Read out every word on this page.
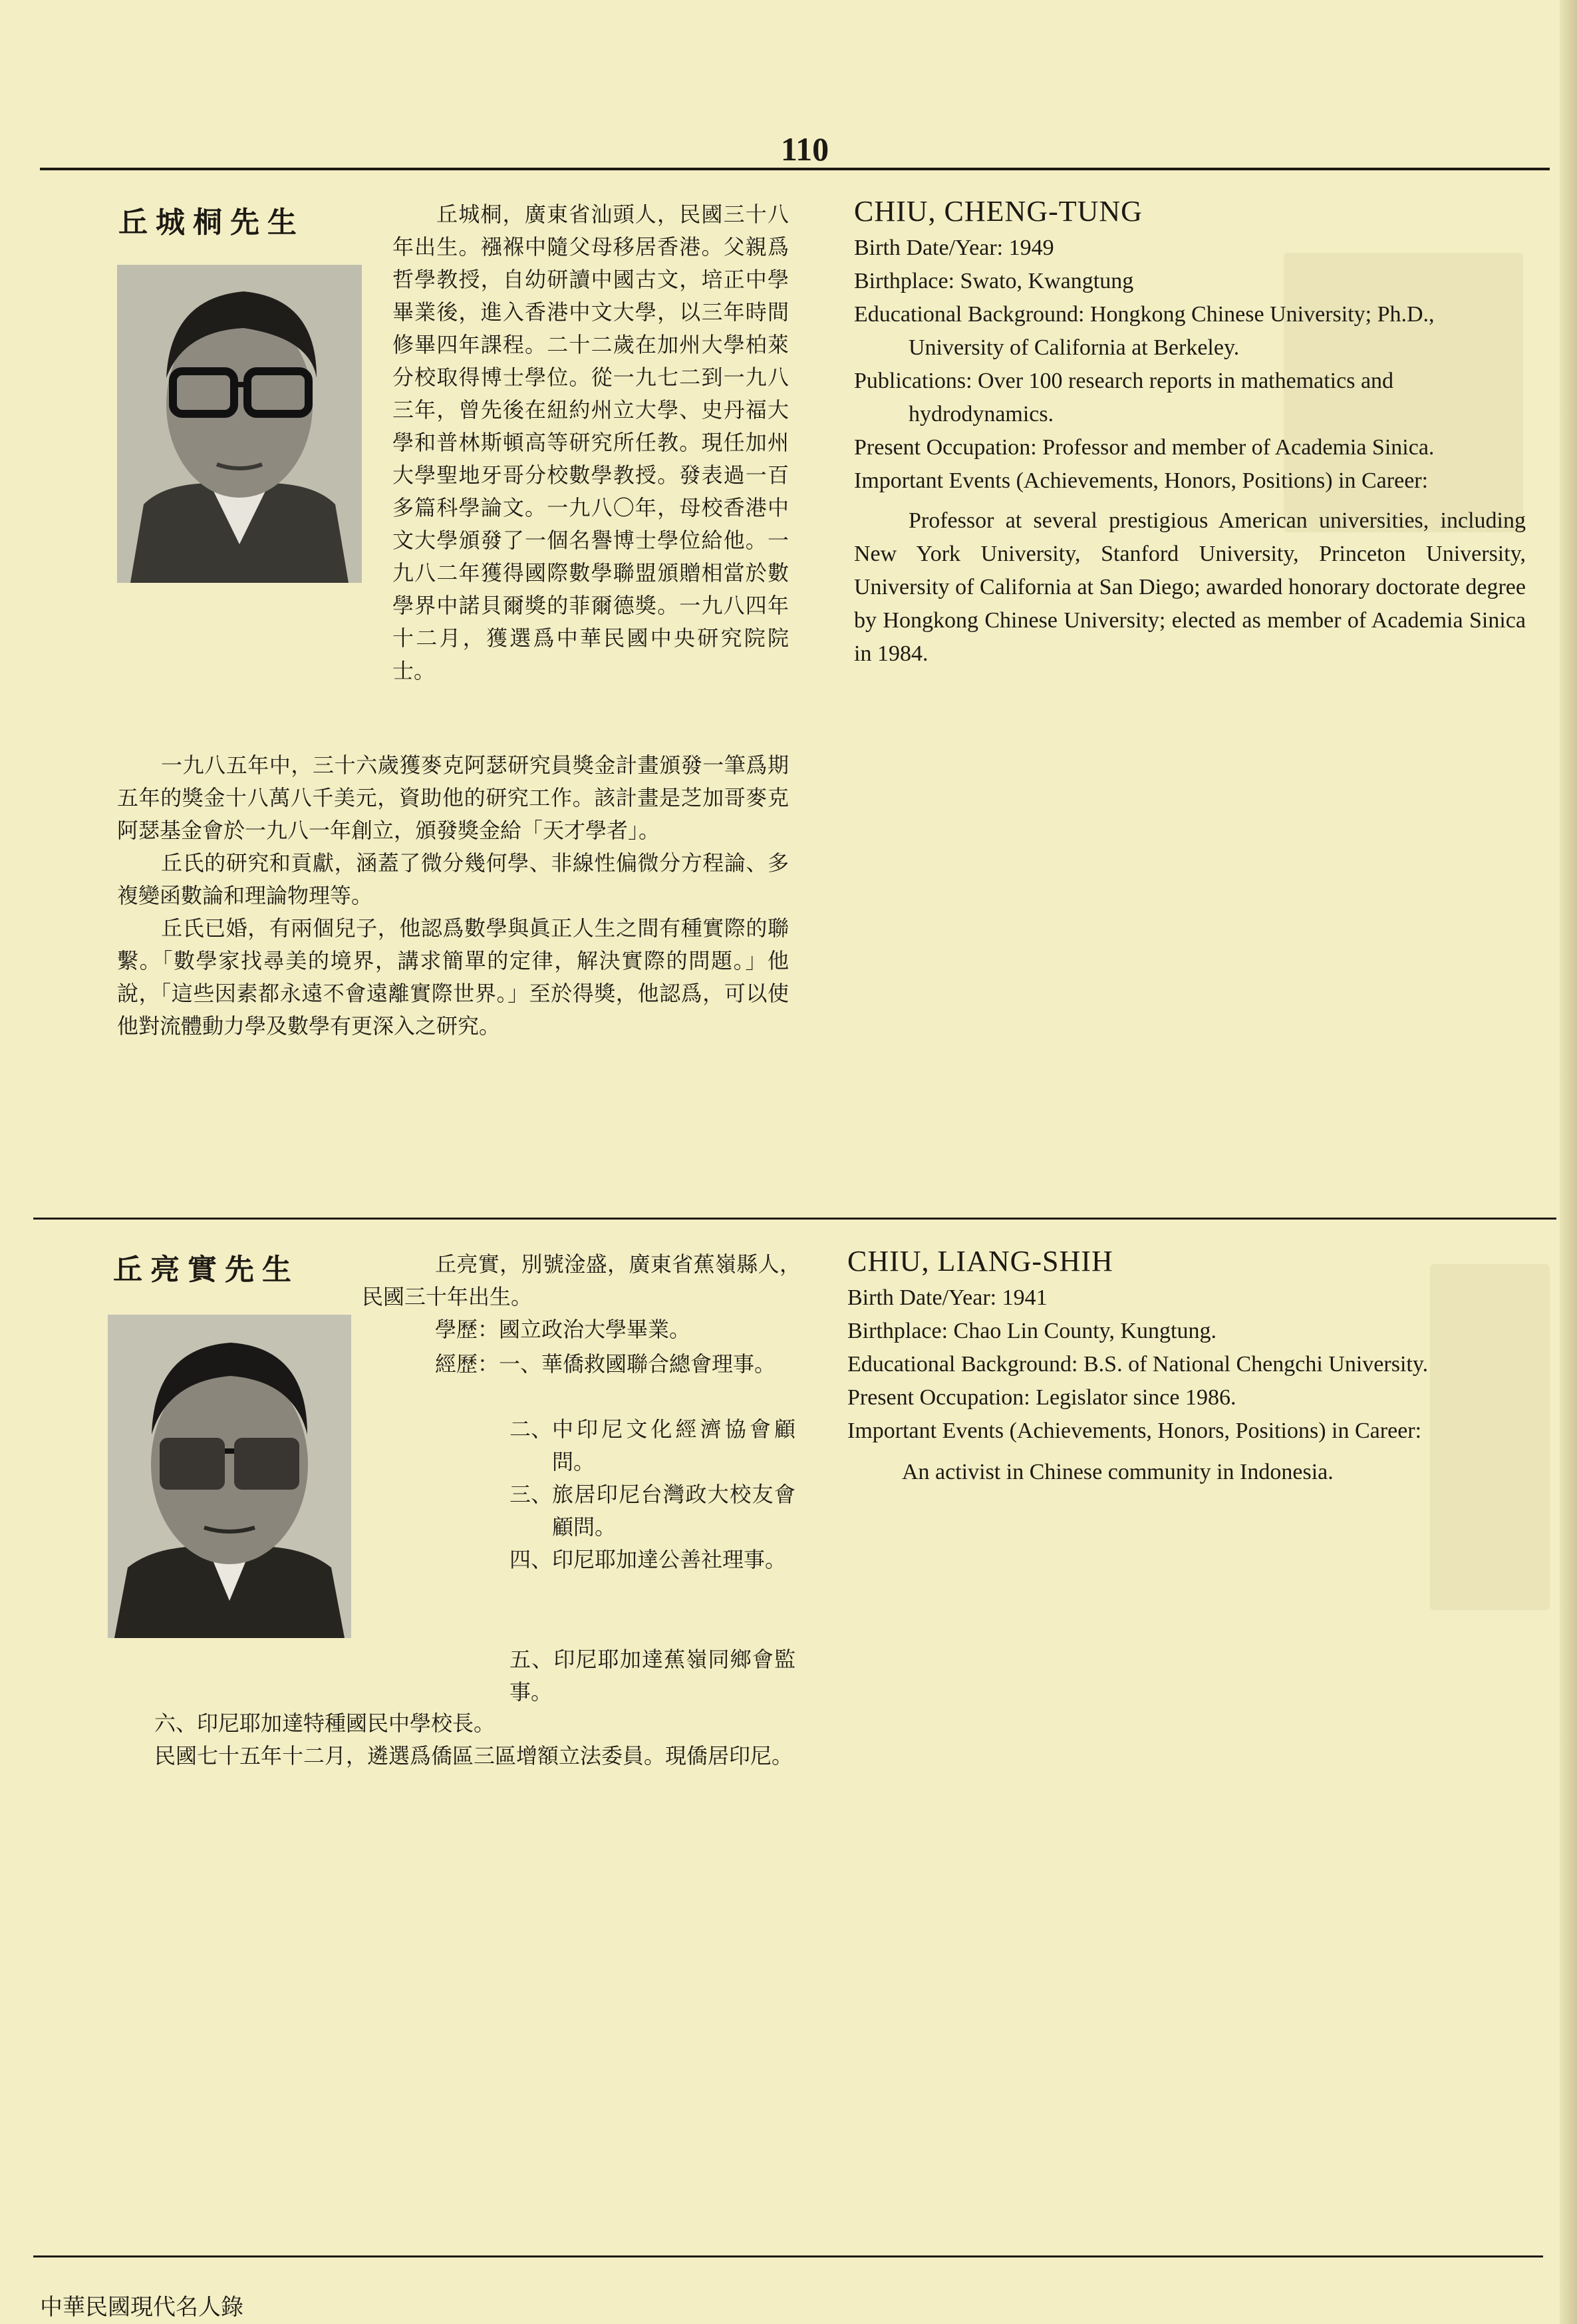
110
丘城桐先生	丘城桐，廣東省汕頭人，民國三十八年出生。襁褓中隨父母移居香港。父親爲哲學教授，自幼研讀中國古文，培正中學畢業後，進入香港中文大學，以三年時間修畢四年課程。二十二歲在加州大學柏萊分校取得博士學位。從一九七二到一九八三年，曾先後在紐約州立大學、史丹福大學和普林斯頓高等研究所任教。現任加州大學聖地牙哥分校數學教授。發表過一百多篇科學論文。一九八〇年，母校香港中文大學頒發了一個名譽博士學位給他。一九八二年獲得國際數學聯盟頒贈相當於數學界中諾貝爾獎的菲爾德獎。一九八四年十二月，獲選爲中華民國中央研究院院士。

一九八五年中，三十六歲獲麥克阿瑟研究員獎金計畫頒發一筆爲期五年的獎金十八萬八千美元，資助他的研究工作。該計畫是芝加哥麥克阿瑟基金會於一九八一年創立，頒發獎金給「天才學者」。

丘氏的研究和貢獻，涵蓋了微分幾何學、非線性偏微分方程論、多複變函數論和理論物理等。

丘氏已婚，有兩個兒子，他認爲數學與眞正人生之間有種實際的聯繫。「數學家找尋美的境界，講求簡單的定律，解決實際的問題。」他說，「這些因素都永遠不會遠離實際世界。」至於得獎，他認爲，可以使他對流體動力學及數學有更深入之研究。

CHIU, CHENG-TUNG

Birth Date/Year: 1949

Birthplace: Swato, Kwangtung

Educational Background: Hongkong Chinese University; Ph.D., University of California at Berkeley.

Publications: Over 100 research reports in mathematics and hydrodynamics.

Present Occupation: Professor and member of Academia Sinica.

Important Events (Achievements, Honors, Positions) in Career:

Professor at several prestigious American universities, including New York University, Stanford University, Princeton University, University of California at San Diego; awarded honorary doctorate degree by Hongkong Chinese University; elected as member of Academia Sinica in 1984.

丘亮實先生	丘亮實，別號淦盛，廣東省蕉嶺縣人，民國三十年出生。

學歷：國立政治大學畢業。

經歷： 一、 華僑救國聯合總會理事。
二、 中印尼文化經濟協會顧問。
三、 旅居印尼台灣政大校友會顧問。
四、 印尼耶加達公善社理事。

五、印尼耶加達蕉嶺同鄉會監事。

六、印尼耶加達特種國民中學校長。

民國七十五年十二月，遴選爲僑區三區增額立法委員。現僑居印尼。

CHIU, LIANG-SHIH

Birth Date/Year: 1941

Birthplace: Chao Lin County, Kungtung.

Educational Background: B.S. of National Chengchi University.

Present Occupation: Legislator since 1986.

Important Events (Achievements, Honors, Positions) in Career:

An activist in Chinese community in Indonesia.

中華民國現代名人錄
